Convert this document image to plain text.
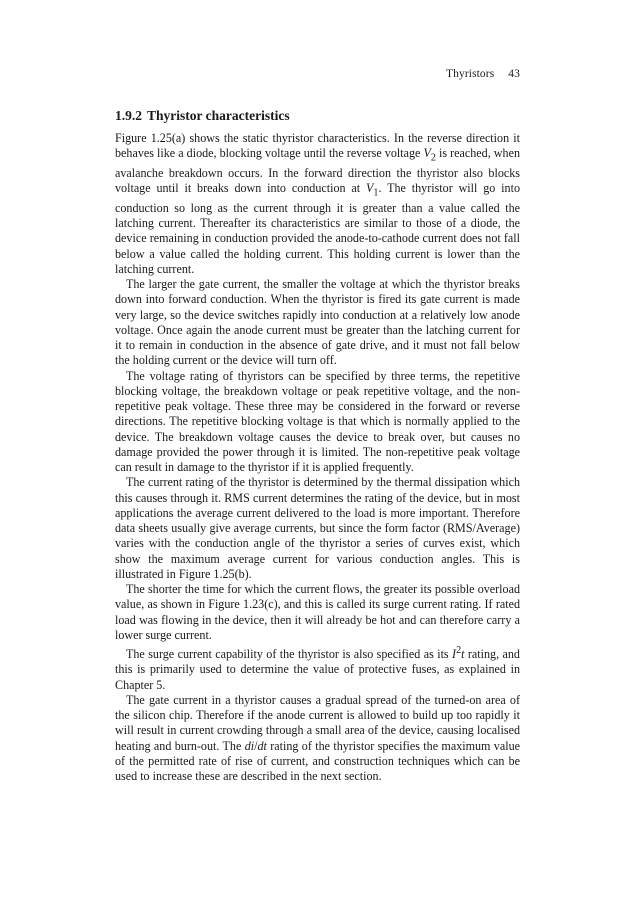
Thyristors 43
1.9.2 Thyristor characteristics

Figure 1.25(a) shows the static thyristor characteristics. In the reverse direction it behaves like a diode, blocking voltage until the reverse voltage $V_2$ is reached, when avalanche breakdown occurs. In the forward direction the thyristor also blocks voltage until it breaks down into conduction at $V_1$. The thyristor will go into conduction so long as the current through it is greater than a value called the latching current. Thereafter its characteristics are similar to those of a diode, the device remaining in conduction provided the anode-to-cathode current does not fall below a value called the holding current. This holding current is lower than the latching current.

The larger the gate current, the smaller the voltage at which the thyristor breaks down into forward conduction. When the thyristor is fired its gate current is made very large, so the device switches rapidly into conduction at a relatively low anode voltage. Once again the anode current must be greater than the latching current for it to remain in conduction in the absence of gate drive, and it must not fall below the holding current or the device will turn off.

The voltage rating of thyristors can be specified by three terms, the repetitive blocking voltage, the breakdown voltage or peak repetitive voltage, and the non-repetitive peak voltage. These three may be considered in the forward or reverse directions. The repetitive blocking voltage is that which is normally applied to the device. The breakdown voltage causes the device to break over, but causes no damage provided the power through it is limited. The non-repetitive peak voltage can result in damage to the thyristor if it is applied frequently.

The current rating of the thyristor is determined by the thermal dissipation which this causes through it. RMS current determines the rating of the device, but in most applications the average current delivered to the load is more important. Therefore data sheets usually give average currents, but since the form factor (RMS/Average) varies with the conduction angle of the thyristor a series of curves exist, which show the maximum average current for various conduction angles. This is illustrated in Figure 1.25(b).

The shorter the time for which the current flows, the greater its possible overload value, as shown in Figure 1.23(c), and this is called its surge current rating. If rated load was flowing in the device, then it will already be hot and can therefore carry a lower surge current.

The surge current capability of the thyristor is also specified as its $I^2t$ rating, and this is primarily used to determine the value of protective fuses, as explained in Chapter 5.

The gate current in a thyristor causes a gradual spread of the turned-on area of the silicon chip. Therefore if the anode current is allowed to build up too rapidly it will result in current crowding through a small area of the device, causing localised heating and burn-out. The di/dt rating of the thyristor specifies the maximum value of the permitted rate of rise of current, and construction techniques which can be used to increase these are described in the next section.
